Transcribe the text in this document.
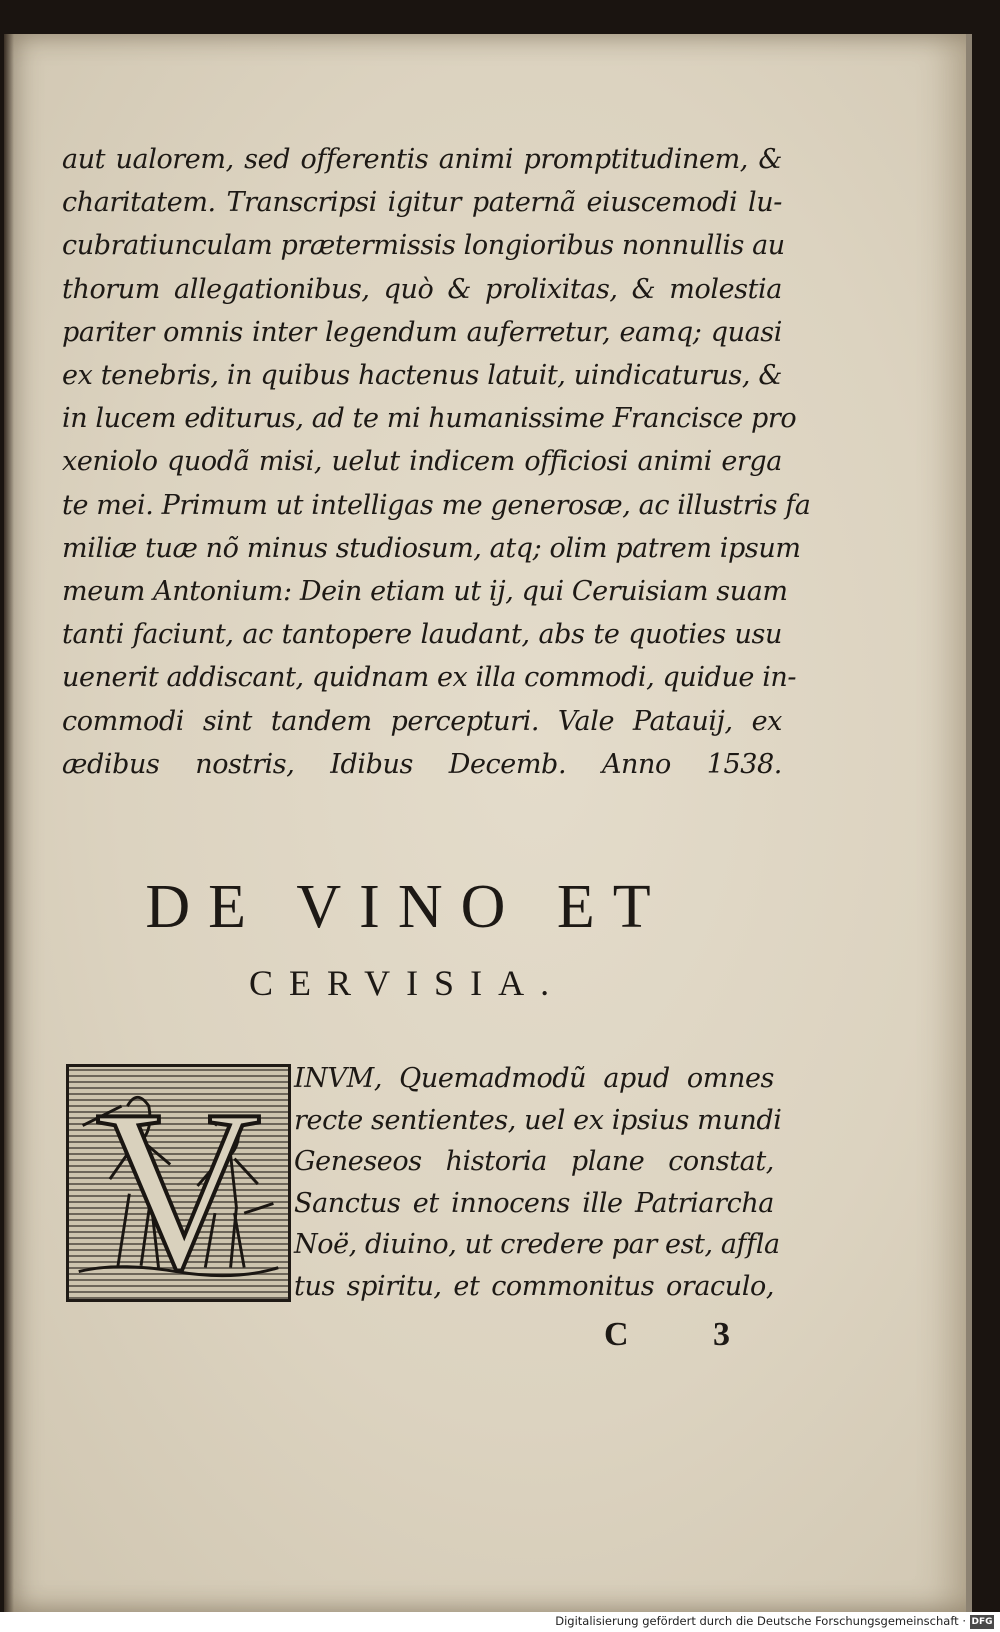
aut ualorem, sed offerentis animi promptitudinem, &
charitatem. Transcripsi igitur paternã eiuscemodi lu-
cubratiunculam prætermissis longioribus nonnullis au
thorum allegationibus, quò & prolixitas, & molestia
pariter omnis inter legendum auferretur, eamq; quasi
ex tenebris, in quibus hactenus latuit, uindicaturus, &
in lucem editurus, ad te mi humanissime Francisce pro
xeniolo quodã misi, uelut indicem officiosi animi erga
te mei. Primum ut intelligas me generosæ, ac illustris fa
miliæ tuæ nõ minus studiosum, atq; olim patrem ipsum
meum Antonium: Dein etiam ut ij, qui Ceruisiam suam
tanti faciunt, ac tantopere laudant, abs te quoties usu
uenerit addiscant, quidnam ex illa commodi, quidue in-
commodi sint tandem percepturi. Vale Patauij, ex
ædibus nostris, Idibus Decemb. Anno 1538.
DE VINO ET
CERVISIA.
V	INVM, Quemadmodũ apud omnes
recte sentientes, uel ex ipsius mundi
Geneseos historia plane constat,
Sanctus et innocens ille Patriarcha
Noë, diuino, ut credere par est, affla
tus spiritu, et commonitus oraculo,

C 3

Digitalisierung gefördert durch die Deutsche Forschungsgemeinschaft · DFG
